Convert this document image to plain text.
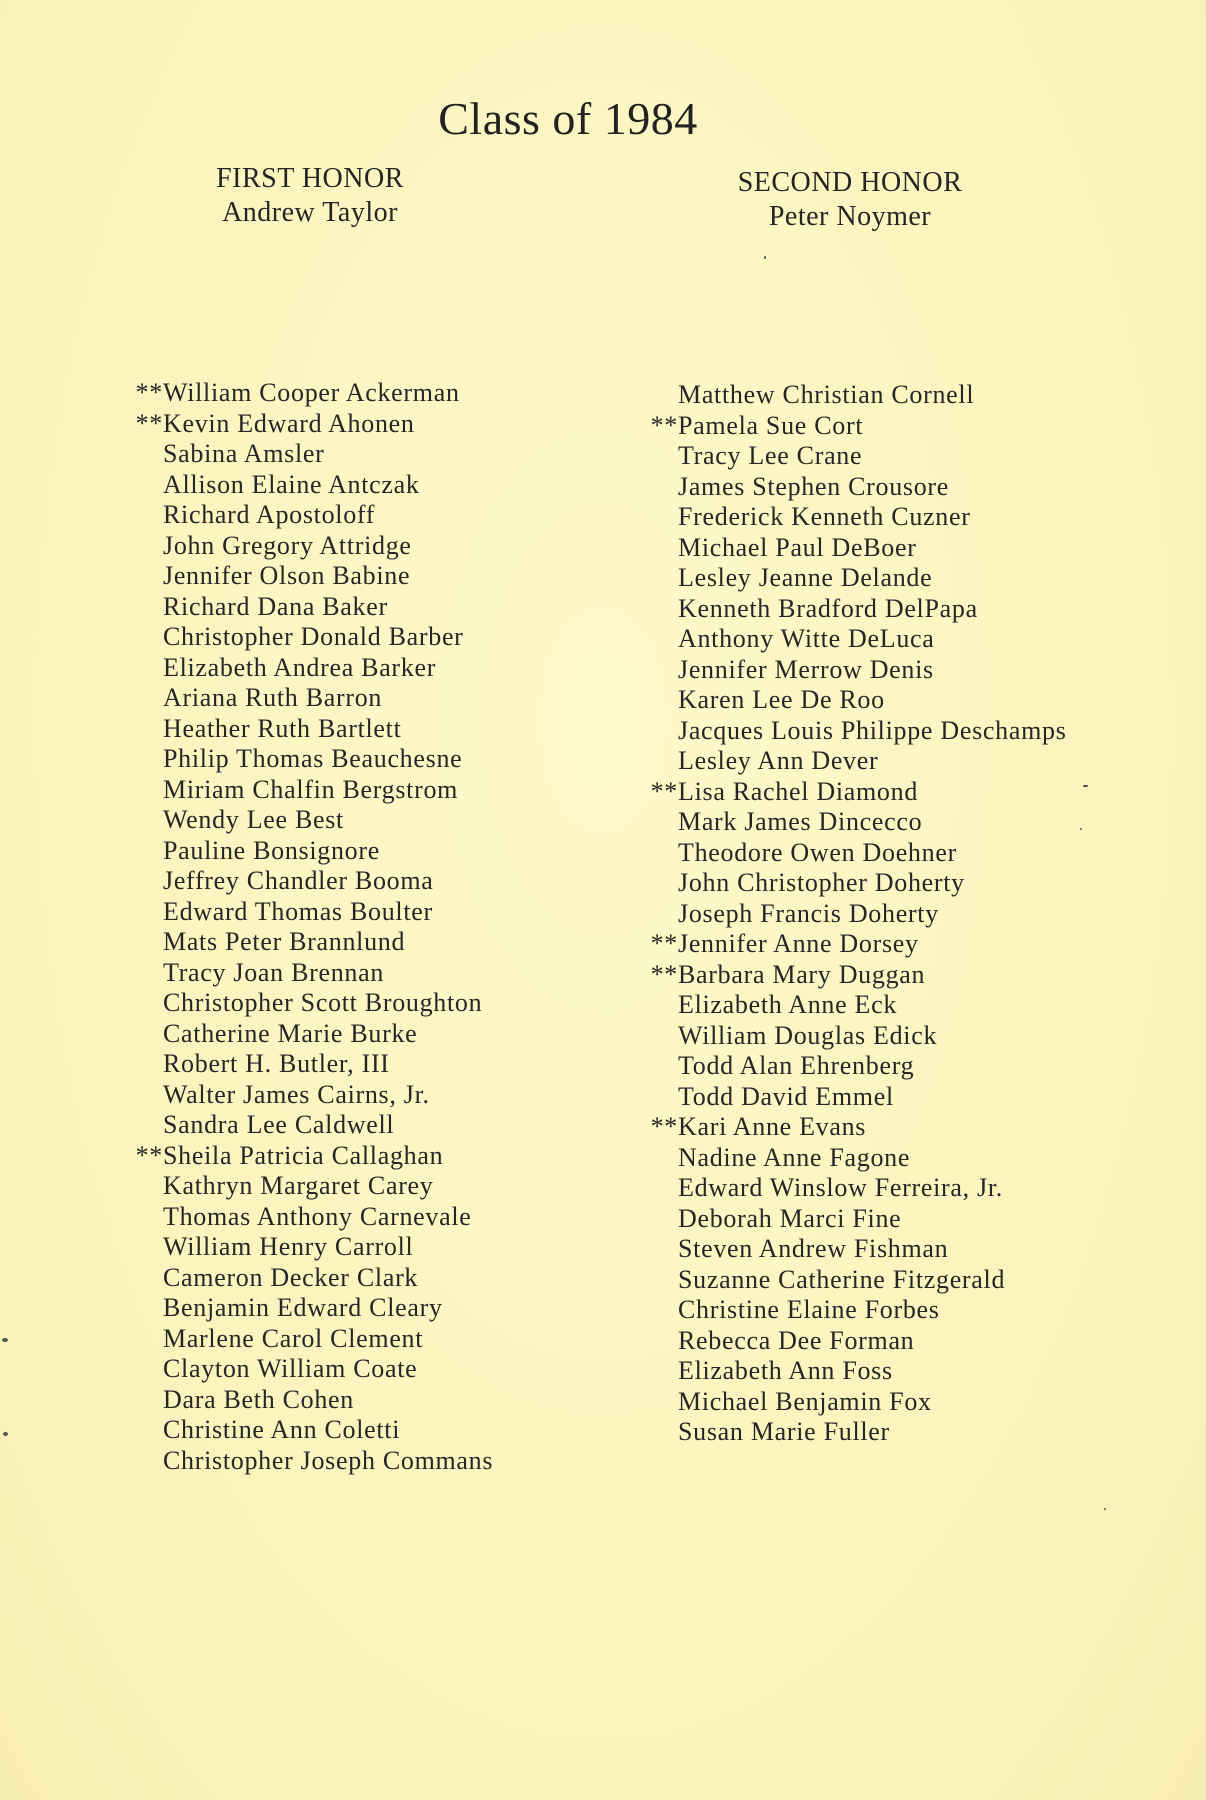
Class of 1984
FIRST HONOR
Andrew Taylor
SECOND HONOR
Peter Noymer
**William Cooper Ackerman
**Kevin Edward Ahonen
Sabina Amsler
Allison Elaine Antczak
Richard Apostoloff
John Gregory Attridge
Jennifer Olson Babine
Richard Dana Baker
Christopher Donald Barber
Elizabeth Andrea Barker
Ariana Ruth Barron
Heather Ruth Bartlett
Philip Thomas Beauchesne
Miriam Chalfin Bergstrom
Wendy Lee Best
Pauline Bonsignore
Jeffrey Chandler Booma
Edward Thomas Boulter
Mats Peter Brannlund
Tracy Joan Brennan
Christopher Scott Broughton
Catherine Marie Burke
Robert H. Butler, III
Walter James Cairns, Jr.
Sandra Lee Caldwell
**Sheila Patricia Callaghan
Kathryn Margaret Carey
Thomas Anthony Carnevale
William Henry Carroll
Cameron Decker Clark
Benjamin Edward Cleary
Marlene Carol Clement
Clayton William Coate
Dara Beth Cohen
Christine Ann Coletti
Christopher Joseph Commans
Matthew Christian Cornell
**Pamela Sue Cort
Tracy Lee Crane
James Stephen Crousore
Frederick Kenneth Cuzner
Michael Paul DeBoer
Lesley Jeanne Delande
Kenneth Bradford DelPapa
Anthony Witte DeLuca
Jennifer Merrow Denis
Karen Lee De Roo
Jacques Louis Philippe Deschamps
Lesley Ann Dever
**Lisa Rachel Diamond
Mark James Dincecco
Theodore Owen Doehner
John Christopher Doherty
Joseph Francis Doherty
**Jennifer Anne Dorsey
**Barbara Mary Duggan
Elizabeth Anne Eck
William Douglas Edick
Todd Alan Ehrenberg
Todd David Emmel
**Kari Anne Evans
Nadine Anne Fagone
Edward Winslow Ferreira, Jr.
Deborah Marci Fine
Steven Andrew Fishman
Suzanne Catherine Fitzgerald
Christine Elaine Forbes
Rebecca Dee Forman
Elizabeth Ann Foss
Michael Benjamin Fox
Susan Marie Fuller
